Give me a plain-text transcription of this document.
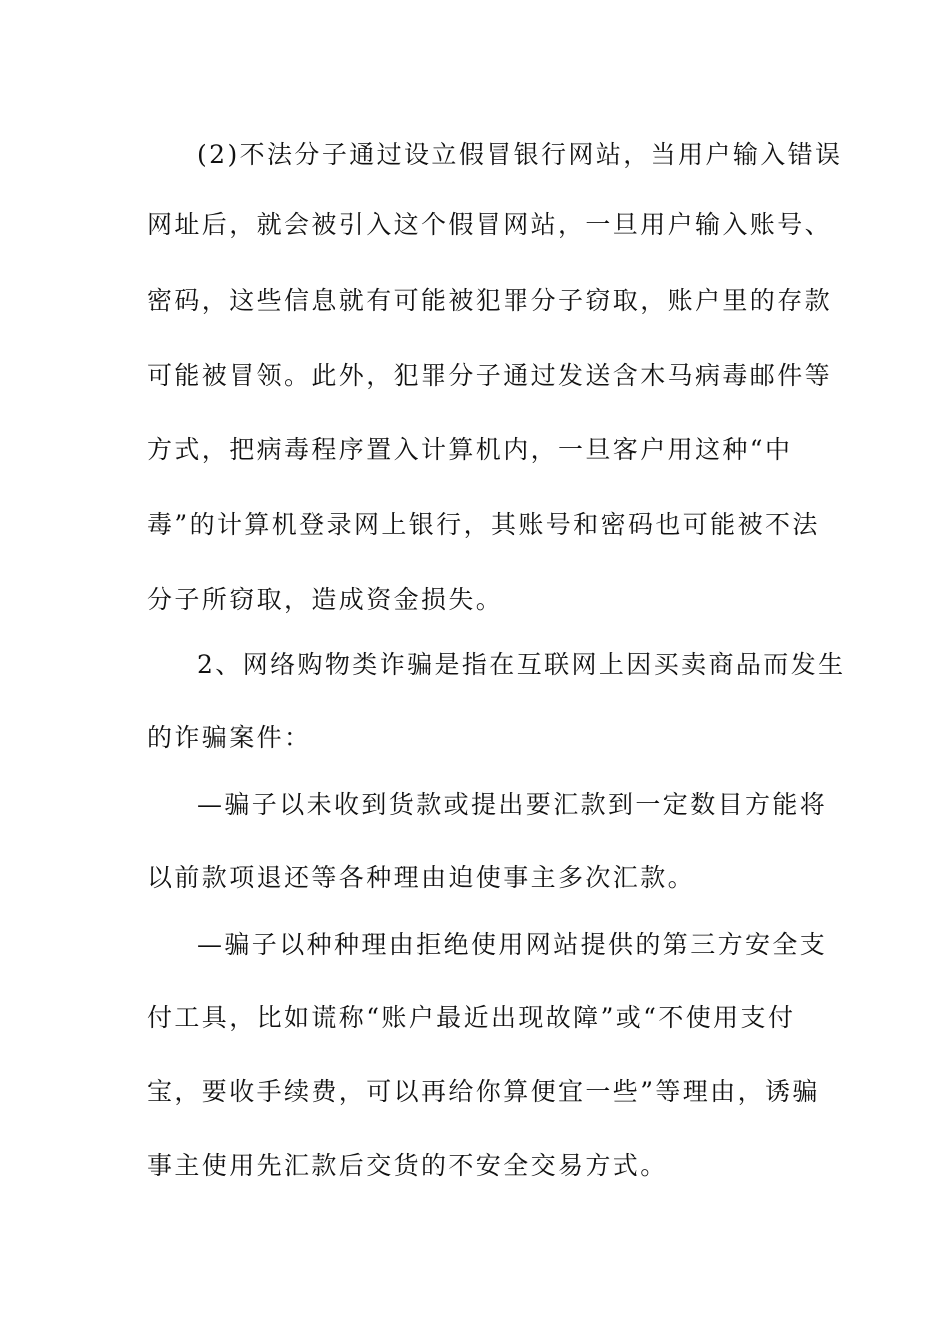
(2)不法分子通过设立假冒银行网站，当用户输入错误
网址后，就会被引入这个假冒网站，一旦用户输入账号、
密码，这些信息就有可能被犯罪分子窃取，账户里的存款
可能被冒领。此外，犯罪分子通过发送含木马病毒邮件等
方式，把病毒程序置入计算机内，一旦客户用这种“中
毒”的计算机登录网上银行，其账号和密码也可能被不法
分子所窃取，造成资金损失。
2、网络购物类诈骗是指在互联网上因买卖商品而发生
的诈骗案件：
—骗子以未收到货款或提出要汇款到一定数目方能将
以前款项退还等各种理由迫使事主多次汇款。
—骗子以种种理由拒绝使用网站提供的第三方安全支
付工具，比如谎称“账户最近出现故障”或“不使用支付
宝，要收手续费，可以再给你算便宜一些”等理由，诱骗
事主使用先汇款后交货的不安全交易方式。
